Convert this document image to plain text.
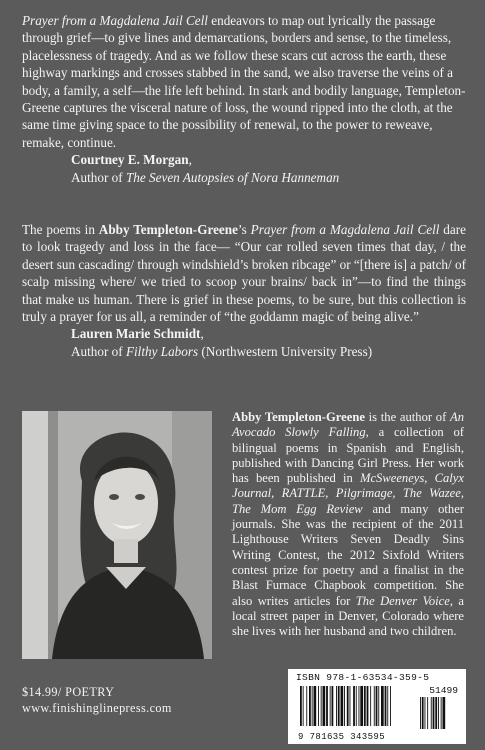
Prayer from a Magdalena Jail Cell endeavors to map out lyrically the passage through grief—to give lines and demarcations, borders and sense, to the timeless, placelessness of tragedy. And as we follow these scars cut across the earth, these highway markings and crosses stabbed in the sand, we also traverse the veins of a body, a family, a self—the life left behind. In stark and bodily language, Templeton-Greene captures the visceral nature of loss, the wound ripped into the cloth, at the same time giving space to the possibility of renewal, to the power to reweave, remake, continue.

Courtney E. Morgan,

Author of The Seven Autopsies of Nora Hanneman

The poems in Abby Templeton-Greene’s Prayer from a Magdalena Jail Cell dare to look tragedy and loss in the face— “Our car rolled seven times that day, / the desert sun cascading/ through windshield’s broken ribcage” or “[there is] a patch/ of scalp missing where/ we tried to scoop your brains/ back in”—to find the things that make us human. There is grief in these poems, to be sure, but this collection is truly a prayer for us all, a reminder of “the goddamn magic of being alive.”

Lauren Marie Schmidt,

Author of Filthy Labors (Northwestern University Press)

Abby Templeton-Greene is the author of An Avocado Slowly Falling, a collection of bilingual poems in Spanish and English, published with Dancing Girl Press. Her work has been published in McSweeneys, Calyx Journal, RATTLE, Pilgrimage, The Wazee, The Mom Egg Review and many other journals. She was the recipient of the 2011 Lighthouse Writers Seven Deadly Sins Writing Contest, the 2012 Sixfold Writers contest prize for poetry and a finalist in the Blast Furnace Chapbook competition. She also writes articles for The Denver Voice, a local street paper in Denver, Colorado where she lives with her husband and two children.
$14.99/ POETRY
www.finishinglinepress.com
ISBN 978-1-63534-359-5
51499
9 781635 343595
